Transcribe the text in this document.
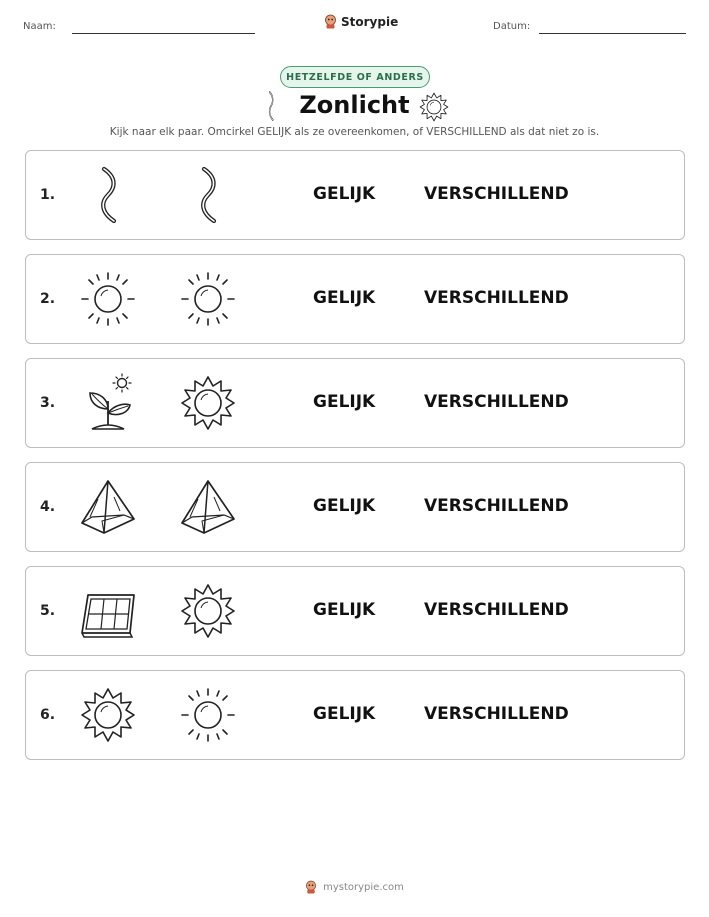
Naam:	Storypie	Datum:
HETZELFDE OF ANDERS
Zonlicht
Kijk naar elk paar. Omcirkel GELIJK als ze overeenkomen, of VERSCHILLEND als dat niet zo is.
1.	GELIJK	VERSCHILLEND
2.	GELIJK	VERSCHILLEND
3.	GELIJK	VERSCHILLEND
4.	GELIJK	VERSCHILLEND
5.	GELIJK	VERSCHILLEND
6.	GELIJK	VERSCHILLEND
mystorypie.com
